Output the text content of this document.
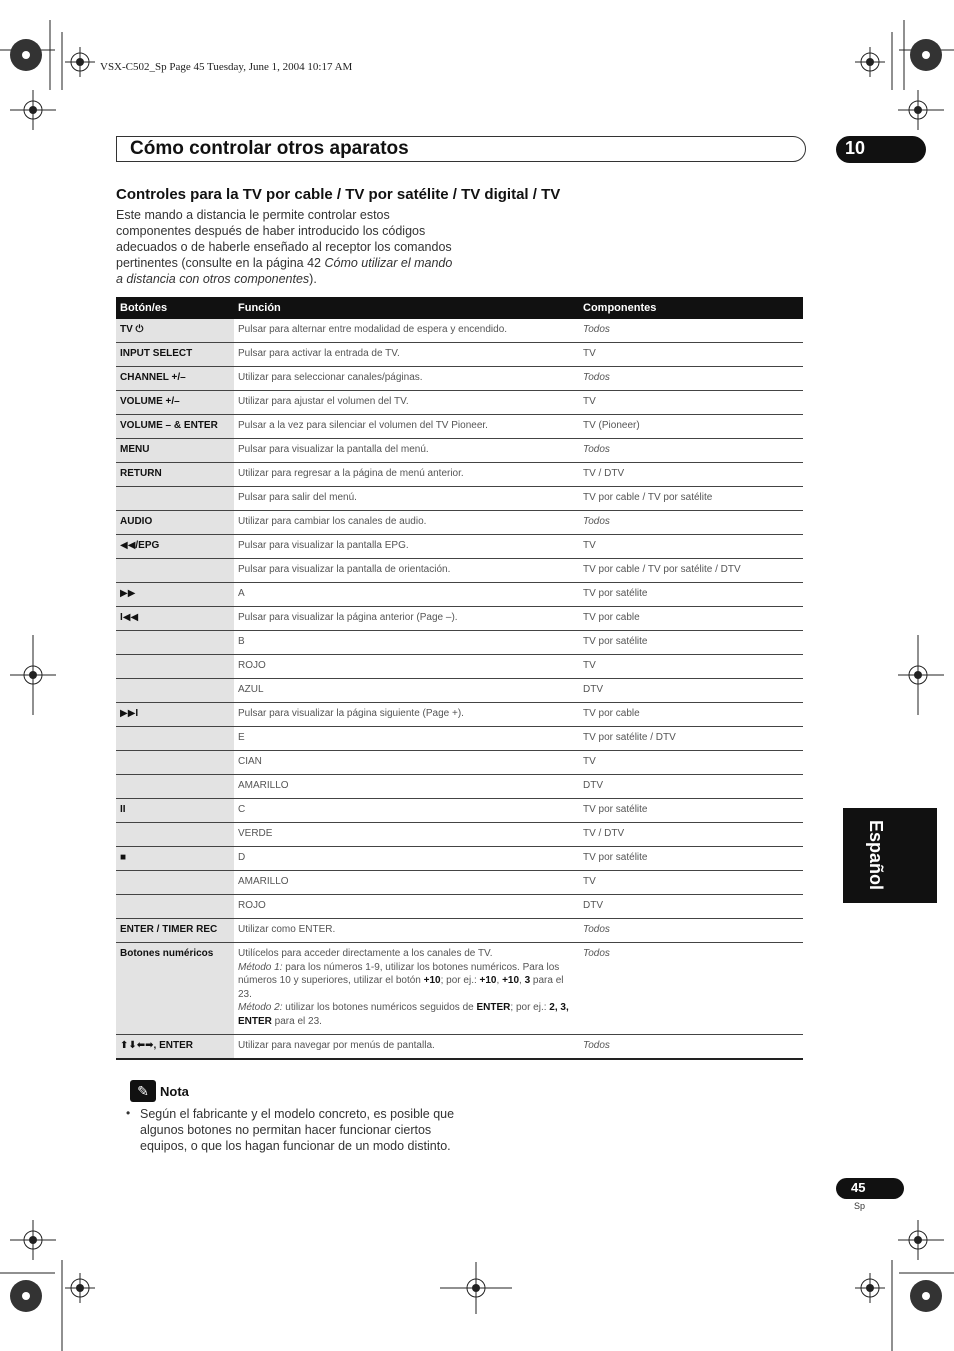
VSX-C502_Sp Page 45 Tuesday, June 1, 2004 10:17 AM
Cómo controlar otros aparatos	10
Controles para la TV por cable / TV por satélite / TV digital / TV
Este mando a distancia le permite controlar estos componentes después de haber introducido los códigos adecuados o de haberle enseñado al receptor los comandos pertinentes (consulte en la página 42 Cómo utilizar el mando a distancia con otros componentes).
Botón/es	Función	Componentes
TV ⏻	Pulsar para alternar entre modalidad de espera y encendido.	Todos
INPUT SELECT	Pulsar para activar la entrada de TV.	TV
CHANNEL +/–	Utilizar para seleccionar canales/páginas.	Todos
VOLUME +/–	Utilizar para ajustar el volumen del TV.	TV
VOLUME – & ENTER	Pulsar a la vez para silenciar el volumen del TV Pioneer.	TV (Pioneer)
MENU	Pulsar para visualizar la pantalla del menú.	Todos
RETURN	Utilizar para regresar a la página de menú anterior.	TV / DTV
	Pulsar para salir del menú.	TV por cable / TV por satélite
AUDIO	Utilizar para cambiar los canales de audio.	Todos
◀◀/EPG	Pulsar para visualizar la pantalla EPG.	TV
	Pulsar para visualizar la pantalla de orientación.	TV por cable / TV por satélite / DTV
▶▶	A	TV por satélite
I◀◀	Pulsar para visualizar la página anterior (Page –).	TV por cable
	B	TV por satélite
	ROJO	TV
	AZUL	DTV
▶▶I	Pulsar para visualizar la página siguiente (Page +).	TV por cable
	E	TV por satélite / DTV
	CIAN	TV
	AMARILLO	DTV
II	C	TV por satélite
	VERDE	TV / DTV
■	D	TV por satélite
	AMARILLO	TV
	ROJO	DTV
ENTER / TIMER REC	Utilizar como ENTER.	Todos
Botones numéricos	Utilícelos para acceder directamente a los canales de TV.
Método 1: para los números 1-9, utilizar los botones numéricos. Para los números 10 y superiores, utilizar el botón +10; por ej.: +10, +10, 3 para el 23.
Método 2: utilizar los botones numéricos seguidos de ENTER; por ej.: 2, 3, ENTER para el 23.	Todos
⬆⬇⬅➡, ENTER	Utilizar para navegar por menús de pantalla.	Todos
✎ Nota
• Según el fabricante y el modelo concreto, es posible que algunos botones no permitan hacer funcionar ciertos equipos, o que los hagan funcionar de un modo distinto.
Español
45
Sp
